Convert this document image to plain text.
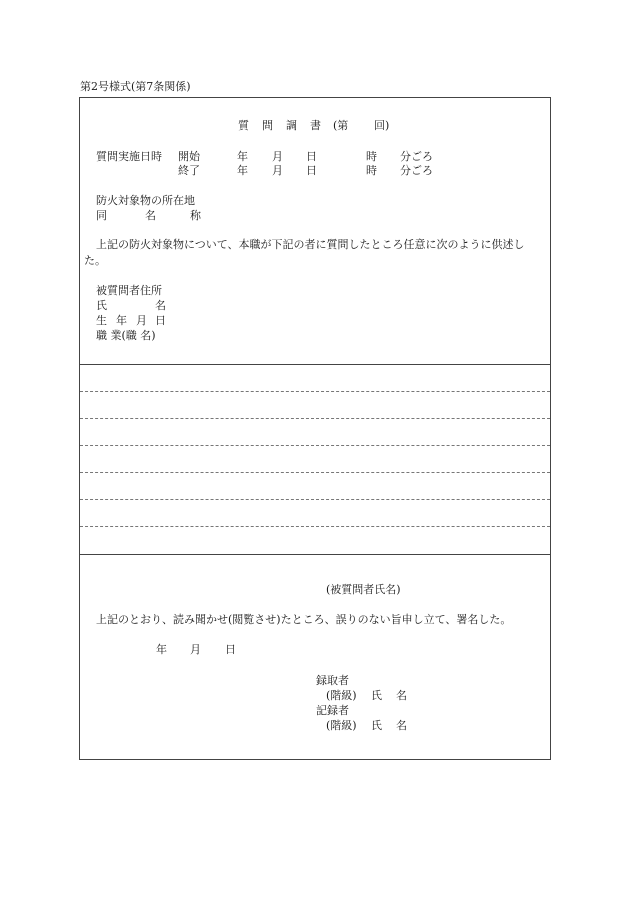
第2号様式(第7条関係)
質 問 調 書 (第 回)
質問実施日時 開始	年 月 日	時 分ごろ
終了	年 月 日	時 分ごろ
防火対象物の所在地
同	名	称
上記の防火対象物について、本職が下記の者に質問したところ任意に次のように供述し
た。
被質問者住所
氏	名
生 年 月 日
職 業(職 名)
(被質問者氏名)
上記のとおり、読み聞かせ(閲覧させ)たところ、誤りのない旨申し立て、署名した。
年 月 日
録取者
(階級) 氏 名
記録者
(階級) 氏 名
